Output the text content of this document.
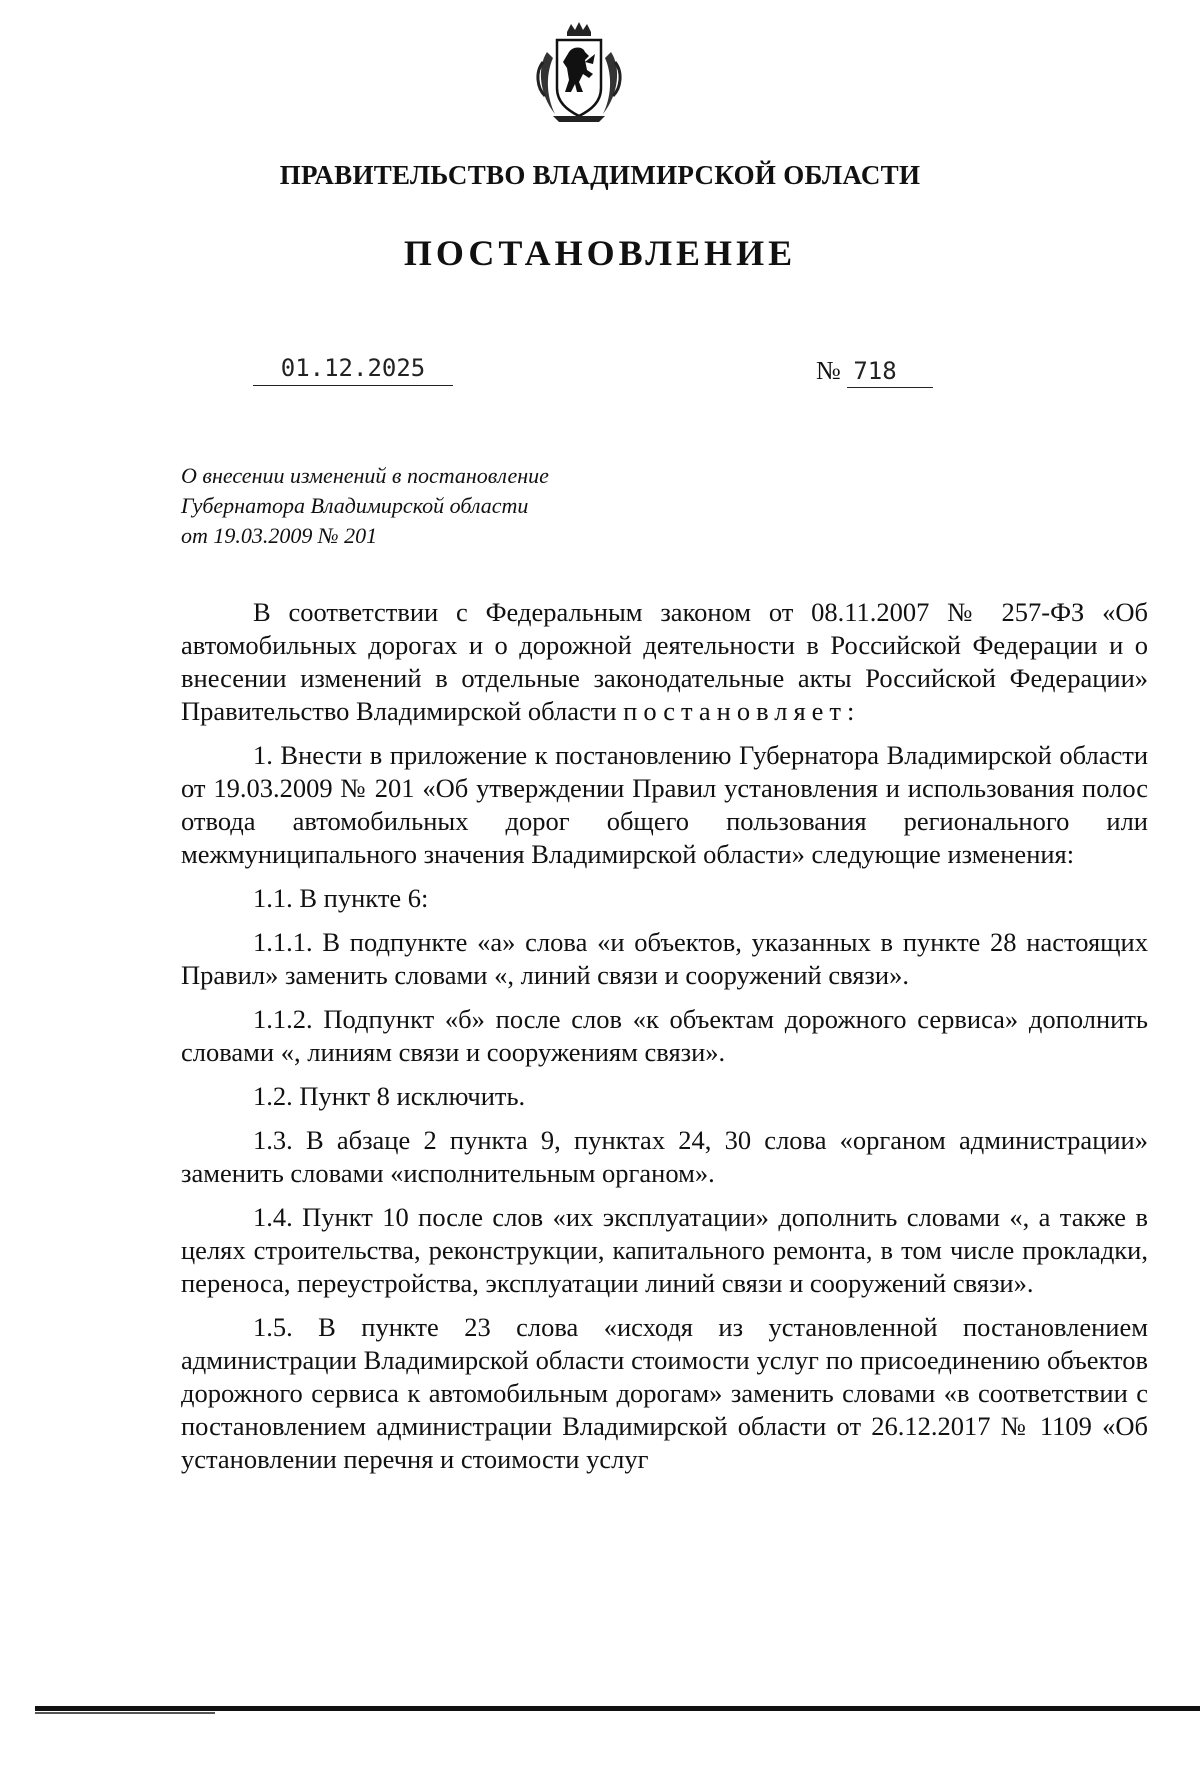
ПРАВИТЕЛЬСТВО ВЛАДИМИРСКОЙ ОБЛАСТИ
ПОСТАНОВЛЕНИЕ
01.12.2025	№ 718
О внесении изменений в постановление
Губернатора Владимирской области
от 19.03.2009 № 201

В соответствии с Федеральным законом от 08.11.2007 № 257-ФЗ «Об автомобильных дорогах и о дорожной деятельности в Российской Федерации и о внесении изменений в отдельные законодательные акты Российской Федерации» Правительство Владимирской области постановляет:

1. Внести в приложение к постановлению Губернатора Владимирской области от 19.03.2009 № 201 «Об утверждении Правил установления и использования полос отвода автомобильных дорог общего пользования регионального или межмуниципального значения Владимирской области» следующие изменения:

1.1. В пункте 6:

1.1.1. В подпункте «а» слова «и объектов, указанных в пункте 28 настоящих Правил» заменить словами «, линий связи и сооружений связи».

1.1.2. Подпункт «б» после слов «к объектам дорожного сервиса» дополнить словами «, линиям связи и сооружениям связи».

1.2. Пункт 8 исключить.

1.3. В абзаце 2 пункта 9, пунктах 24, 30 слова «органом администрации» заменить словами «исполнительным органом».

1.4. Пункт 10 после слов «их эксплуатации» дополнить словами «, а также в целях строительства, реконструкции, капитального ремонта, в том числе прокладки, переноса, переустройства, эксплуатации линий связи и сооружений связи».

1.5. В пункте 23 слова «исходя из установленной постановлением администрации Владимирской области стоимости услуг по присоединению объектов дорожного сервиса к автомобильным дорогам» заменить словами «в соответствии с постановлением администрации Владимирской области от 26.12.2017 № 1109 «Об установлении перечня и стоимости услуг
